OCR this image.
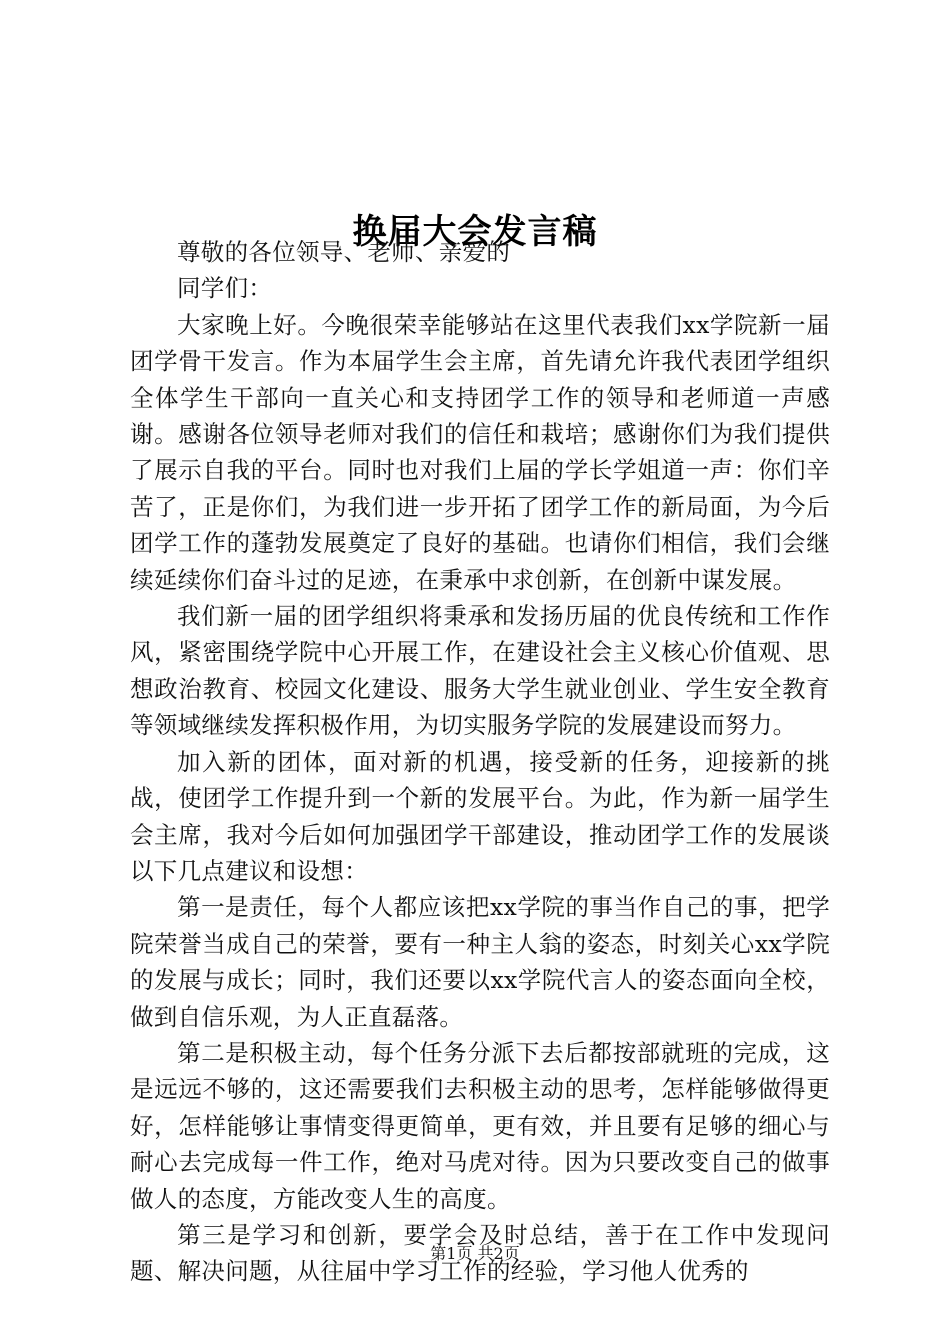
换届大会发言稿

尊敬的各位领导、老师、亲爱的

同学们：

大家晚上好。今晚很荣幸能够站在这里代表我们xx学院新一届团学骨干发言。作为本届学生会主席，首先请允许我代表团学组织全体学生干部向一直关心和支持团学工作的领导和老师道一声感谢。感谢各位领导老师对我们的信任和栽培；感谢你们为我们提供了展示自我的平台。同时也对我们上届的学长学姐道一声：你们辛苦了，正是你们，为我们进一步开拓了团学工作的新局面，为今后团学工作的蓬勃发展奠定了良好的基础。也请你们相信，我们会继续延续你们奋斗过的足迹，在秉承中求创新，在创新中谋发展。

我们新一届的团学组织将秉承和发扬历届的优良传统和工作作风，紧密围绕学院中心开展工作，在建设社会主义核心价值观、思想政治教育、校园文化建设、服务大学生就业创业、学生安全教育等领域继续发挥积极作用，为切实服务学院的发展建设而努力。

加入新的团体，面对新的机遇，接受新的任务，迎接新的挑战，使团学工作提升到一个新的发展平台。为此，作为新一届学生会主席，我对今后如何加强团学干部建设，推动团学工作的发展谈以下几点建议和设想：

第一是责任，每个人都应该把xx学院的事当作自己的事，把学院荣誉当成自己的荣誉，要有一种主人翁的姿态，时刻关心xx学院的发展与成长；同时，我们还要以xx学院代言人的姿态面向全校，做到自信乐观，为人正直磊落。

第二是积极主动，每个任务分派下去后都按部就班的完成，这是远远不够的，这还需要我们去积极主动的思考，怎样能够做得更好，怎样能够让事情变得更简单，更有效，并且要有足够的细心与耐心去完成每一件工作，绝对马虎对待。因为只要改变自己的做事做人的态度，方能改变人生的高度。

第三是学习和创新，要学会及时总结，善于在工作中发现问题、解决问题，从往届中学习工作的经验，学习他人优秀的

第1页 共2页
